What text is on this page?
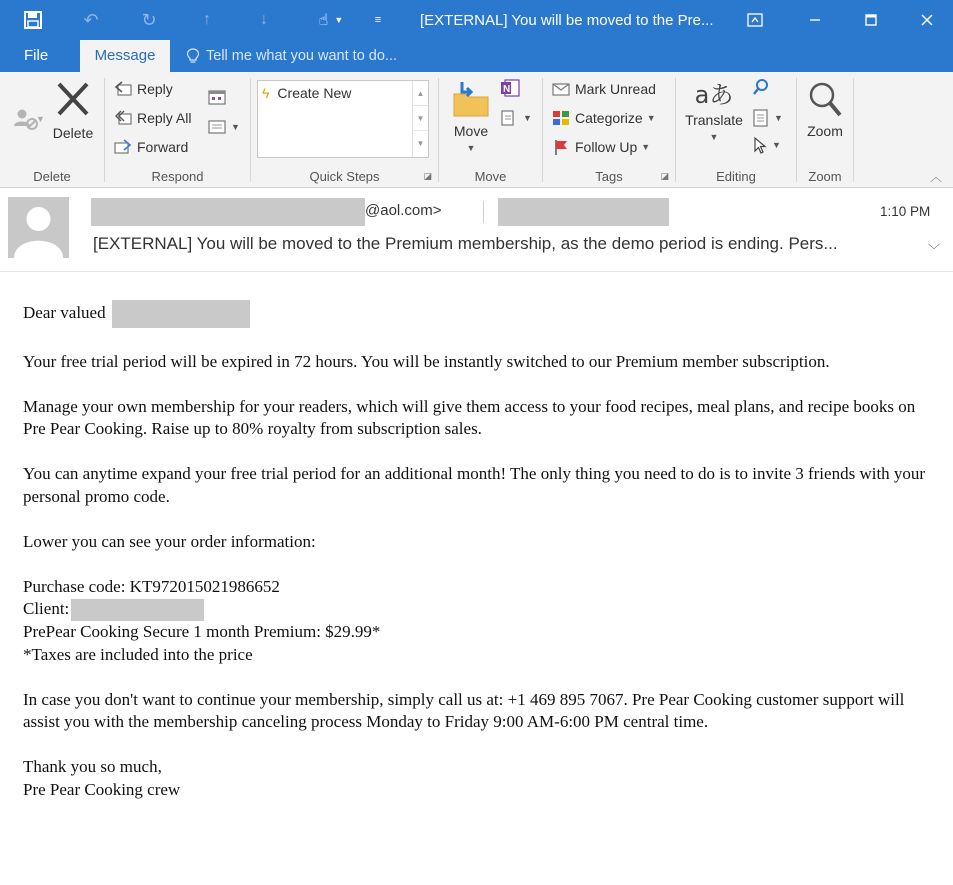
↶	↻	↑	↓	☝ ▼	≡	[EXTERNAL] You will be moved to the Pre...
File	Message	Tell me what you want to do...
▼
Delete
Delete
Reply
Reply All
Forward
▼
Respond	Quick Steps	◪
ϟ Create New	▲
▼
▼
Move
▼
N
▼
Move
Mark Unread
Categorize ▼
Follow Up ▼
Tags	◪
aあ
Translate
▼
▼
▼
Editing
Zoom
Zoom	︿
@aol.com>	1:10 PM
[EXTERNAL] You will be moved to the Premium membership, as the demo period is ending. Pers...	﹀

Dear valued

Your free trial period will be expired in 72 hours. You will be instantly switched to our Premium member subscription.

Manage your own membership for your readers, which will give them access to your food recipes, meal plans, and recipe books on Pre Pear Cooking. Raise up to 80% royalty from subscription sales.

You can anytime expand your free trial period for an additional month! The only thing you need to do is to invite 3 friends with your personal promo code.

Lower you can see your order information:

Purchase code: KT972015021986652
Client:
PrePear Cooking Secure 1 month Premium: $29.99*
*Taxes are included into the price

In case you don't want to continue your membership, simply call us at: +1 469 895 7067. Pre Pear Cooking customer support will assist you with the membership canceling process Monday to Friday 9:00 AM-6:00 PM central time.

Thank you so much,
Pre Pear Cooking crew
